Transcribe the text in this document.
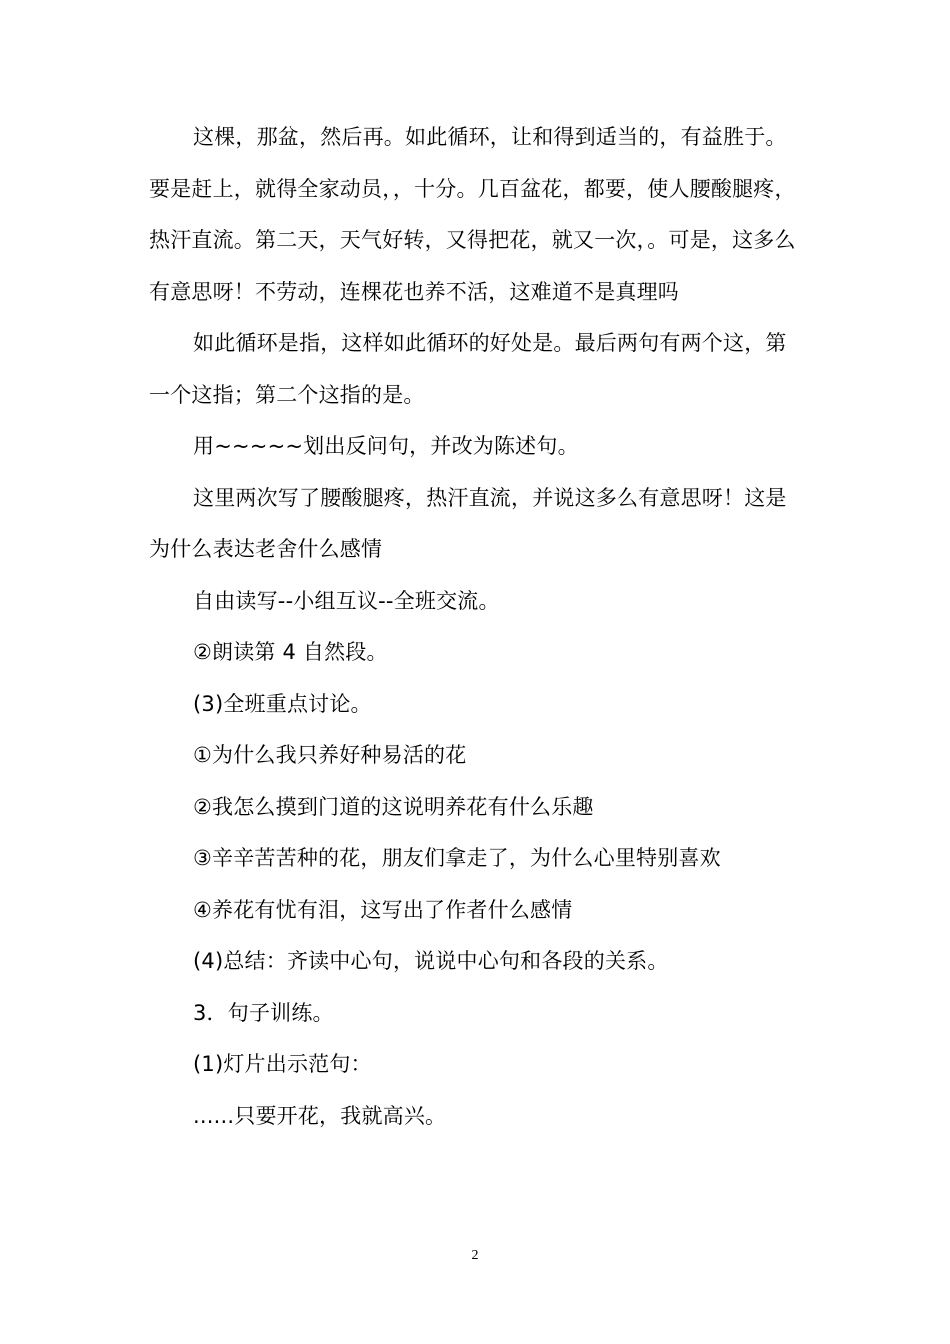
这棵，那盆，然后再。如此循环，让和得到适当的，有益胜于。要是赶上，就得全家动员，，十分。几百盆花，都要，使人腰酸腿疼，热汗直流。第二天，天气好转，又得把花，就又一次，。可是，这多么有意思呀！不劳动，连棵花也养不活，这难道不是真理吗

如此循环是指，这样如此循环的好处是。最后两句有两个这，第一个这指；第二个这指的是。

用~~~~~划出反问句，并改为陈述句。

这里两次写了腰酸腿疼，热汗直流，并说这多么有意思呀！这是为什么表达老舍什么感情

自由读写--小组互议--全班交流。

②朗读第 4 自然段。

(3)全班重点讨论。

①为什么我只养好种易活的花

②我怎么摸到门道的这说明养花有什么乐趣

③辛辛苦苦种的花，朋友们拿走了，为什么心里特别喜欢

④养花有忧有泪，这写出了作者什么感情

(4)总结：齐读中心句，说说中心句和各段的关系。

3．句子训练。

(1)灯片出示范句：

......只要开花，我就高兴。

2
